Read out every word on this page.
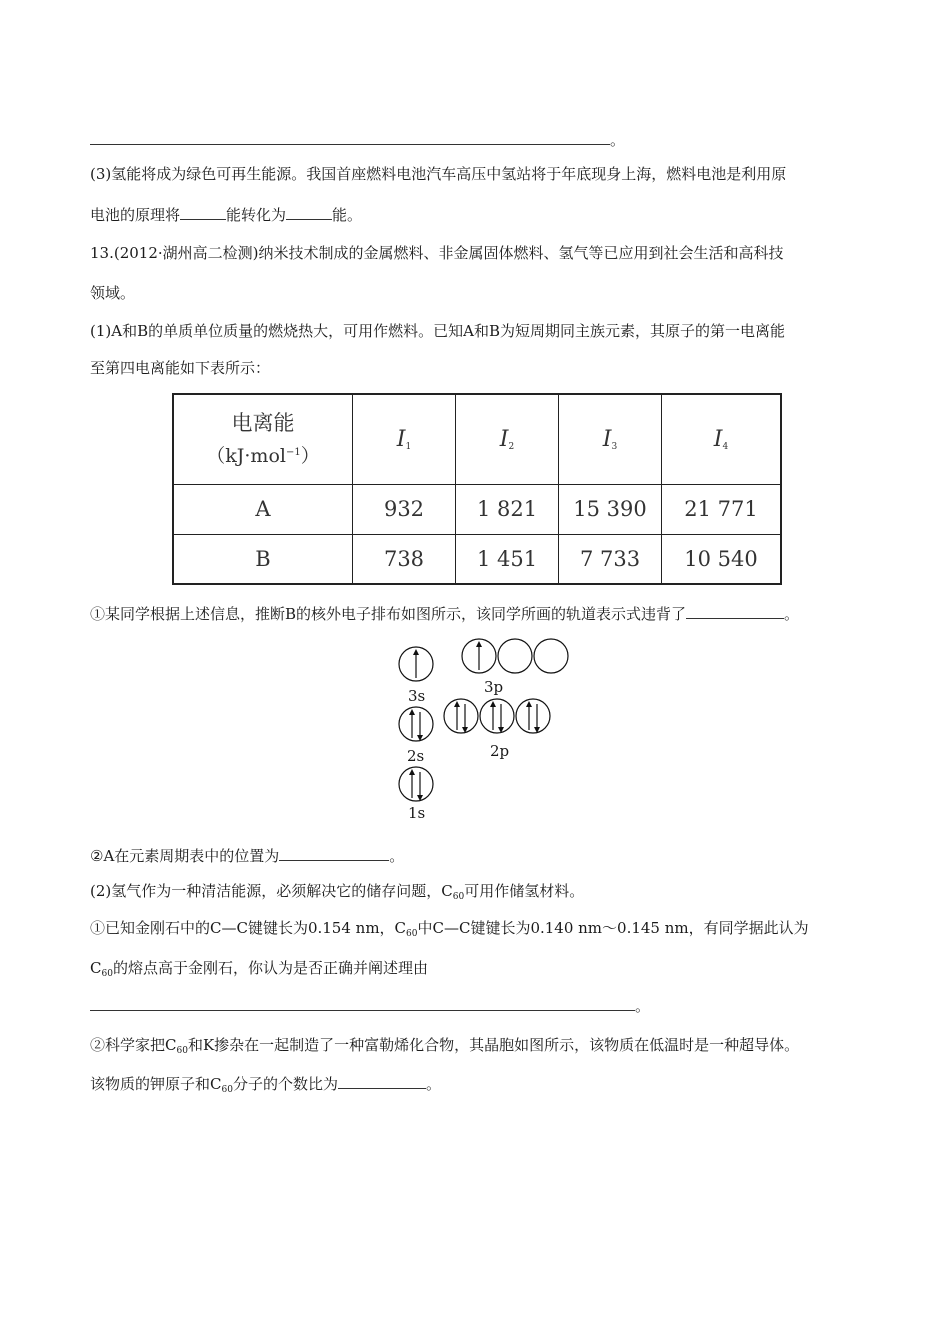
。
(3)氢能将成为绿色可再生能源。我国首座燃料电池汽车高压中氢站将于年底现身上海，燃料电池是利用原
电池的原理将	能转化为	能。
13.(2012·湖州高二检测)纳米技术制成的金属燃料、非金属固体燃料、氢气等已应用到社会生活和高科技
领域。
(1)A和B的单质单位质量的燃烧热大，可用作燃料。已知A和B为短周期同主族元素，其原子的第一电离能
至第四电离能如下表所示：
电离能
（kJ·mol$^{-1}$）	$I_1$	$I_2$	$I_3$	$I_4$
A	932	1 821	15 390	21 771
B	738	1 451	7 733	10 540
①某同学根据上述信息，推断B的核外电子排布如图所示，该同学所画的轨道表示式违背了	。
3s	3p
2s	2p
1s
②A在元素周期表中的位置为	。
(2)氢气作为一种清洁能源，必须解决它的储存问题，$C_{60}$可用作储氢材料。
①已知金刚石中的C—C键键长为0.154 nm，$C_{60}$中C—C键键长为0.140 nm～0.145 nm，有同学据此认为
$C_{60}$的熔点高于金刚石，你认为是否正确并阐述理由
。
②科学家把$C_{60}$和K掺杂在一起制造了一种富勒烯化合物，其晶胞如图所示，该物质在低温时是一种超导体。
该物质的钾原子和$C_{60}$分子的个数比为	。
